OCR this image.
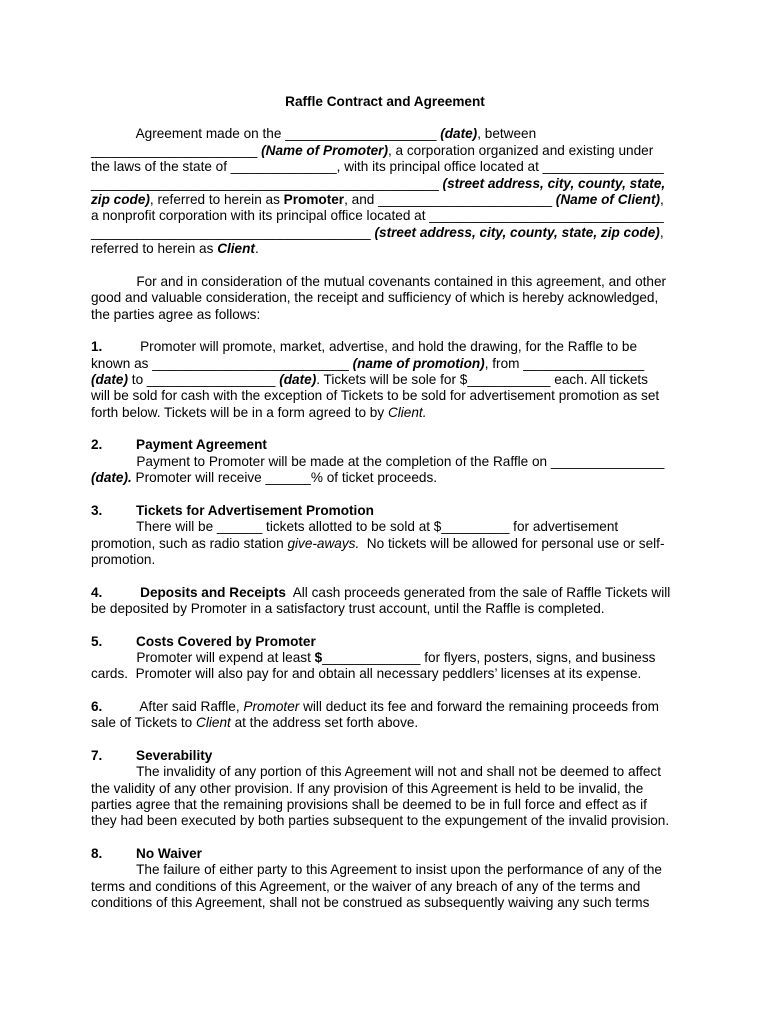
Raffle Contract and Agreement
Agreement made on the ____________________ (date), between
______________________ (Name of Promoter), a corporation organized and existing under
the laws of the state of ______________, with its principal office located at ________________
______________________________________________ (street address, city, county, state,
zip code), referred to herein as Promoter, and _______________________ (Name of Client),
a nonprofit corporation with its principal office located at _______________________________
_____________________________________ (street address, city, county, state, zip code),
referred to herein as Client.
For and in consideration of the mutual covenants contained in this agreement, and other
good and valuable consideration, the receipt and sufficiency of which is hereby acknowledged,
the parties agree as follows:
1.          Promoter will promote, market, advertise, and hold the drawing, for the Raffle to be
known as __________________________ (name of promotion), from ________________
(date) to _________________ (date). Tickets will be sole for $___________ each. All tickets
will be sold for cash with the exception of Tickets to be sold for advertisement promotion as set
forth below. Tickets will be in a form agreed to by Client.
2. Payment Agreement
Payment to Promoter will be made at the completion of the Raffle on _______________
(date). Promoter will receive ______% of ticket proceeds.
3. Tickets for Advertisement Promotion
There will be ______ tickets allotted to be sold at $_________ for advertisement
promotion, such as radio station give-aways.  No tickets will be allowed for personal use or self-
promotion.
4.	Deposits and Receipts  All cash proceeds generated from the sale of Raffle Tickets will
be deposited by Promoter in a satisfactory trust account, until the Raffle is completed.
5. Costs Covered by Promoter
Promoter will expend at least $_____________ for flyers, posters, signs, and business
cards.  Promoter will also pay for and obtain all necessary peddlers’ licenses at its expense.
6.          After said Raffle, Promoter will deduct its fee and forward the remaining proceeds from
sale of Tickets to Client at the address set forth above.
7. Severability
The invalidity of any portion of this Agreement will not and shall not be deemed to affect
the validity of any other provision. If any provision of this Agreement is held to be invalid, the
parties agree that the remaining provisions shall be deemed to be in full force and effect as if
they had been executed by both parties subsequent to the expungement of the invalid provision.
8. No Waiver
The failure of either party to this Agreement to insist upon the performance of any of the
terms and conditions of this Agreement, or the waiver of any breach of any of the terms and
conditions of this Agreement, shall not be construed as subsequently waiving any such terms
